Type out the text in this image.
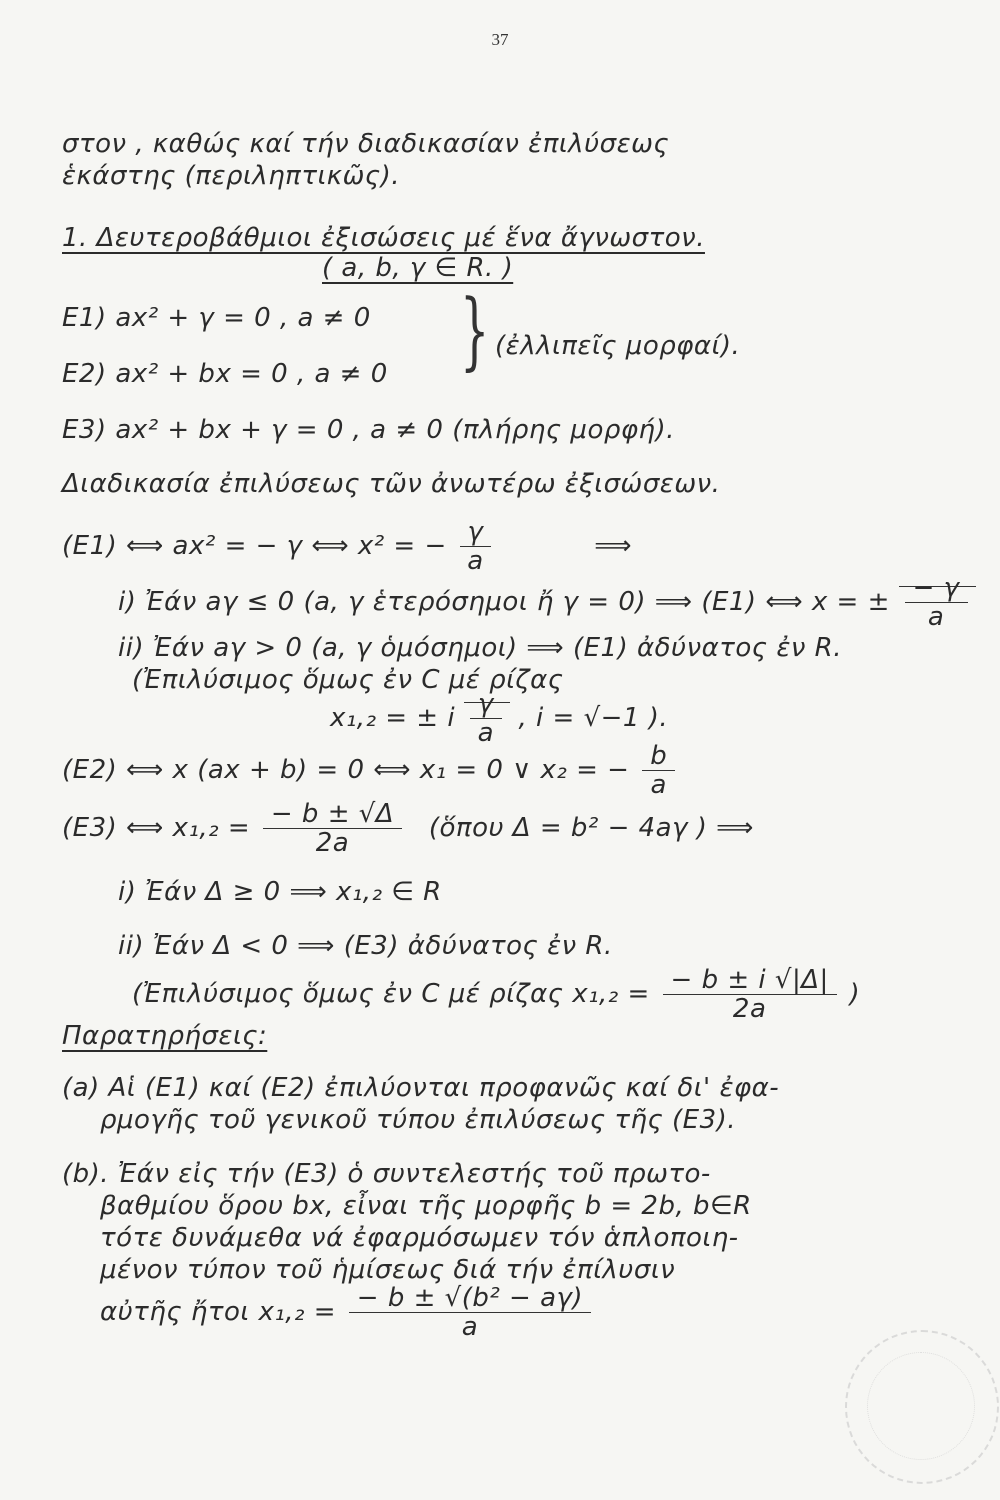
37
στον , καθώς καί τήν διαδικασίαν ἐπιλύσεως
ἑκάστης (περιληπτικῶς).
1. Δευτεροβάθμιοι ἐξισώσεις μέ ἕνα ἄγνωστον.
( a, b, γ ∈ R. )
E1) ax² + γ = 0 , a ≠ 0
E2) ax² + bx = 0 , a ≠ 0 } (ἐλλιπεῖς μορφαί).
E3) ax² + bx + γ = 0 , a ≠ 0 (πλήρης μορφή).
Διαδικασία ἐπιλύσεως τῶν ἀνωτέρω ἐξισώσεων.
(E1) ⟺ ax² = − γ ⟺ x² = − $\frac{\gamma}{a}$	⟹
i) Ἐάν aγ ≤ 0 (a, γ ἑτερόσημοι ἤ γ = 0) ⟹ (E1) ⟺ x = ± $\frac{- \gamma}{a}$
ii) Ἐάν aγ > 0 (a, γ ὁμόσημοι) ⟹ (E1) ἀδύνατος ἐν R.
(Ἐπιλύσιμος ὅμως ἐν C μέ ρίζας
x₁,₂ = ± i $\frac{\gamma}{a}$ , i = √−1 ).
(E2) ⟺ x (ax + b) = 0 ⟺ x₁ = 0 ∨ x₂ = − $\frac{b}{a}$
(E3) ⟺ $x_1,_2 = \frac{- b \pm √\Delta}{2a}$ (ὅπου Δ = b² − 4aγ ) ⟹
i) Ἐάν Δ ≥ 0 ⟹ x₁,₂ ∈ R
ii) Ἐάν Δ < 0 ⟹ (E3) ἀδύνατος ἐν R.
(Ἐπιλύσιμος ὅμως ἐν C μέ ρίζας $x_1,_2 = \frac{- b \pm i √|\Delta|}{2a}$ )
Παρατηρήσεις:
(a) Αἱ (E1) καί (E2) ἐπιλύονται προφανῶς καί δι' ἐφα-
ρμογῆς τοῦ γενικοῦ τύπου ἐπιλύσεως τῆς (E3).
(b). Ἐάν εἰς τήν (E3) ὁ συντελεστής τοῦ πρωτο-
βαθμίου ὅρου bx, εἶναι τῆς μορφῆς b = 2b, b∈R
τότε δυνάμεθα νά ἐφαρμόσωμεν τόν ἁπλοποιη-
μένον τύπον τοῦ ἡμίσεως διά τήν ἐπίλυσιν
αὐτῆς ἤτοι $x_1,_2 = \frac{\text{− b ± √(b² − aγ)}}{a}$
